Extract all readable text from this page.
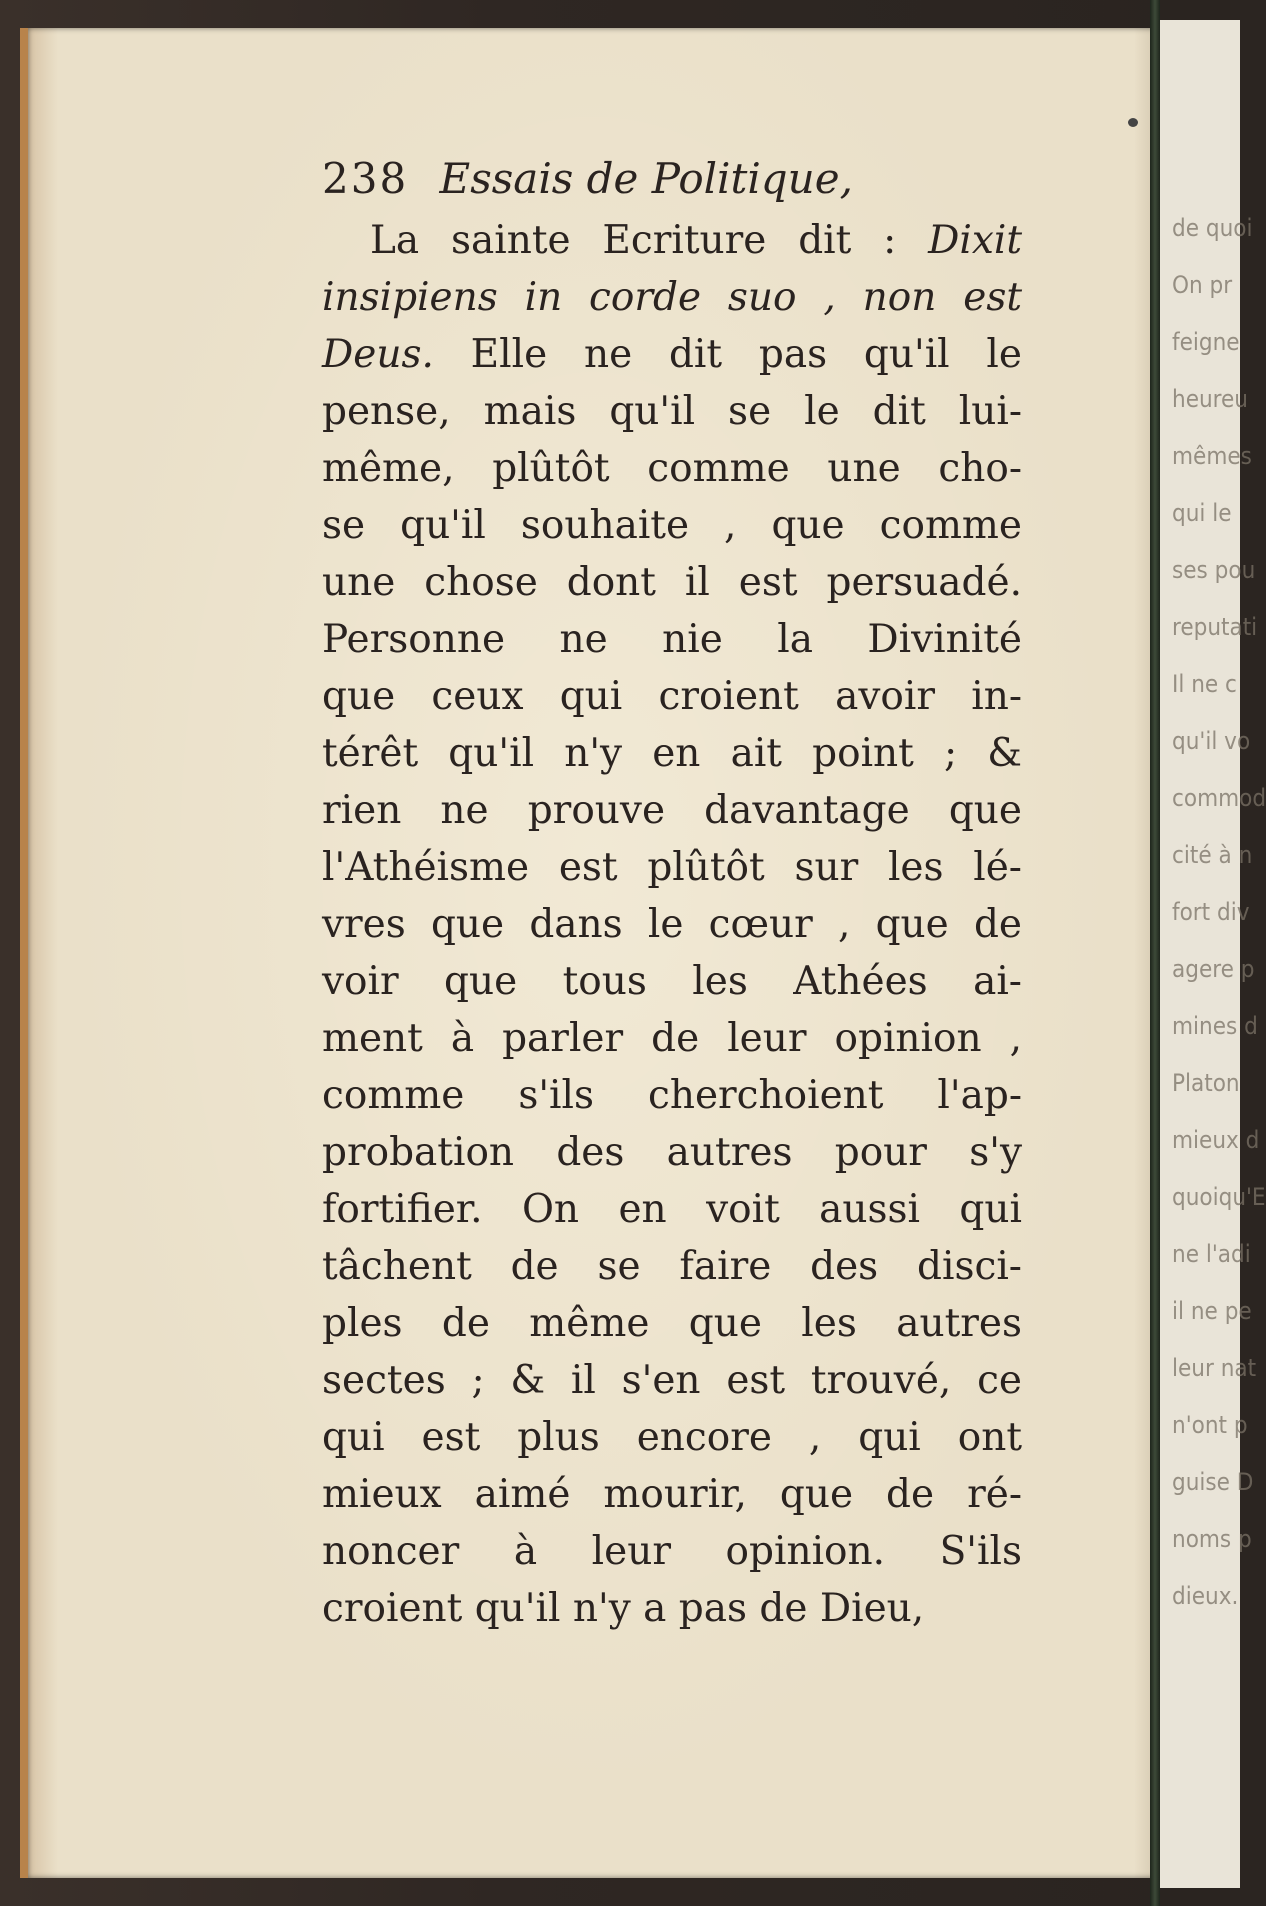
de quoi
On pr
feigne
heureu
mêmes
qui le
ses pou
reputati
Il ne c
qu'il vo
commod
cité à n
fort div
agere p
mines d
Platon
mieux d
quoiqu'E
ne l'adi
il ne pe
leur nat
n'ont p
guise D
noms p
dieux.
238 Essais de Politique,
La sainte Ecriture dit : Dixit
insipiens in corde suo , non est
Deus. Elle ne dit pas qu'il le
pense, mais qu'il se le dit lui-
même, plûtôt comme une cho-
se qu'il souhaite , que comme
une chose dont il est persuadé.
Personne ne nie la Divinité
que ceux qui croient avoir in-
térêt qu'il n'y en ait point ; &
rien ne prouve davantage que
l'Athéisme est plûtôt sur les lé-
vres que dans le cœur , que de
voir que tous les Athées ai-
ment à parler de leur opinion ,
comme s'ils cherchoient l'ap-
probation des autres pour s'y
fortifier. On en voit aussi qui
tâchent de se faire des disci-
ples de même que les autres
sectes ; & il s'en est trouvé, ce
qui est plus encore , qui ont
mieux aimé mourir, que de ré-
noncer à leur opinion. S'ils
croient qu'il n'y a pas de Dieu,
